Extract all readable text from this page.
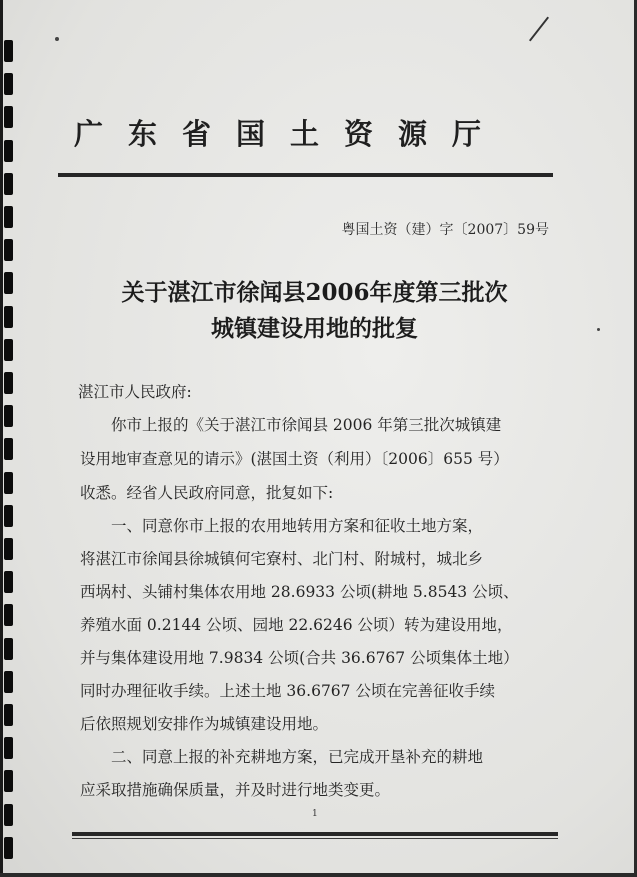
广东省国土资源厅
粤国土资（建）字〔2007〕59号
关于湛江市徐闻县2006年度第三批次
城镇建设用地的批复
湛江市人民政府:
　　你市上报的《关于湛江市徐闻县 2006 年第三批次城镇建
设用地审查意见的请示》(湛国土资（利用）〔2006〕655 号）
收悉。经省人民政府同意，批复如下:
　　一、同意你市上报的农用地转用方案和征收土地方案，
将湛江市徐闻县徐城镇何宅寮村、北门村、附城村，城北乡
西埚村、头铺村集体农用地 28.6933 公顷(耕地 5.8543 公顷、
养殖水面 0.2144 公顷、园地 22.6246 公顷）转为建设用地，
并与集体建设用地 7.9834 公顷(合共 36.6767 公顷集体土地）
同时办理征收手续。上述土地 36.6767 公顷在完善征收手续
后依照规划安排作为城镇建设用地。
　　二、同意上报的补充耕地方案，已完成开垦补充的耕地
应采取措施确保质量，并及时进行地类变更。
1
